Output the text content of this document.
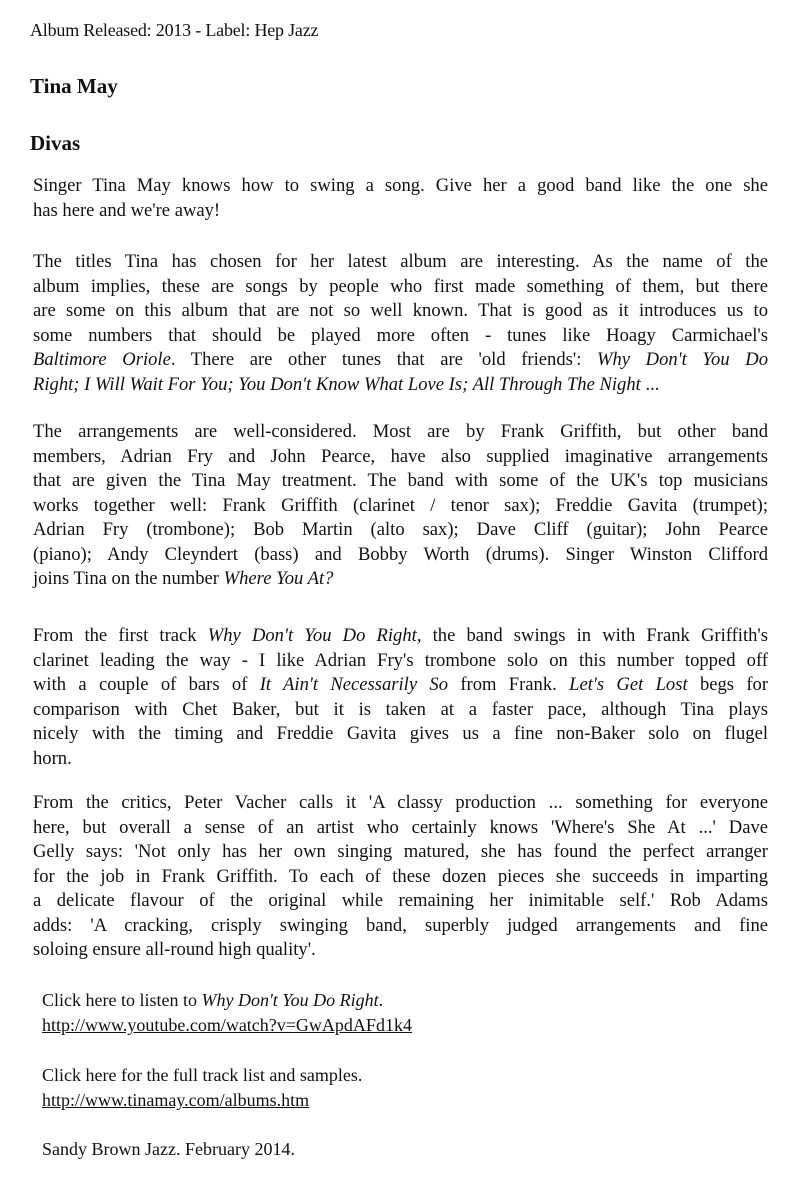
Album Released: 2013 - Label: Hep Jazz
Tina May
Divas
Singer Tina May knows how to swing a song. Give her a good band like the one she
has here and we're away!
The titles Tina has chosen for her latest album are interesting. As the name of the
album implies, these are songs by people who first made something of them, but there
are some on this album that are not so well known. That is good as it introduces us to
some numbers that should be played more often - tunes like Hoagy Carmichael's
Baltimore Oriole. There are other tunes that are 'old friends': Why Don't You Do
Right; I Will Wait For You; You Don't Know What Love Is; All Through The Night ...
The arrangements are well-considered. Most are by Frank Griffith, but other band
members, Adrian Fry and John Pearce, have also supplied imaginative arrangements
that are given the Tina May treatment. The band with some of the UK's top musicians
works together well: Frank Griffith (clarinet / tenor sax); Freddie Gavita (trumpet);
Adrian Fry (trombone); Bob Martin (alto sax); Dave Cliff (guitar); John Pearce
(piano); Andy Cleyndert (bass) and Bobby Worth (drums). Singer Winston Clifford
joins Tina on the number Where You At?
From the first track Why Don't You Do Right, the band swings in with Frank Griffith's
clarinet leading the way - I like Adrian Fry's trombone solo on this number topped off
with a couple of bars of It Ain't Necessarily So from Frank. Let's Get Lost begs for
comparison with Chet Baker, but it is taken at a faster pace, although Tina plays
nicely with the timing and Freddie Gavita gives us a fine non-Baker solo on flugel
horn.
From the critics, Peter Vacher calls it 'A classy production ... something for everyone
here, but overall a sense of an artist who certainly knows 'Where's She At ...' Dave
Gelly says: 'Not only has her own singing matured, she has found the perfect arranger
for the job in Frank Griffith. To each of these dozen pieces she succeeds in imparting
a delicate flavour of the original while remaining her inimitable self.' Rob Adams
adds: 'A cracking, crisply swinging band, superbly judged arrangements and fine
soloing ensure all-round high quality'.
Click here to listen to Why Don't You Do Right.
http://www.youtube.com/watch?v=GwApdAFd1k4
Click here for the full track list and samples.
http://www.tinamay.com/albums.htm
Sandy Brown Jazz. February 2014.
